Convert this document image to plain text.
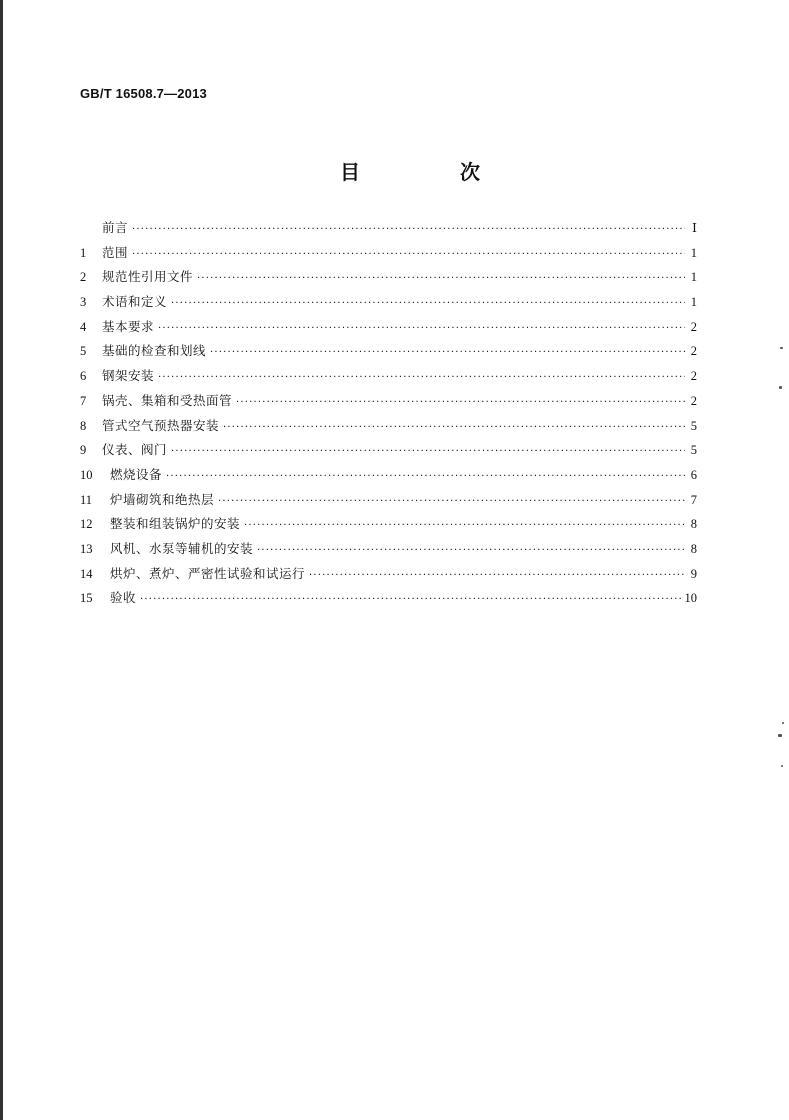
GB/T 16508.7—2013
目　次
前言 ·····	Ⅰ
1	范围 ·····	1
2	规范性引用文件 ·····	1
3	术语和定义 ·····	1
4	基本要求 ·····	2
5	基础的检查和划线 ·····	2
6	钢架安装 ·····	2
7	锅壳、集箱和受热面管 ·····	2
8	管式空气预热器安装 ·····	5
9	仪表、阀门 ·····	5
10	燃烧设备 ·····	6
11	炉墙砌筑和绝热层 ·····	7
12	整装和组装锅炉的安装 ·····	8
13	风机、水泵等辅机的安装 ·····	8
14	烘炉、煮炉、严密性试验和试运行 ·····	9
15	验收 ·····	10
